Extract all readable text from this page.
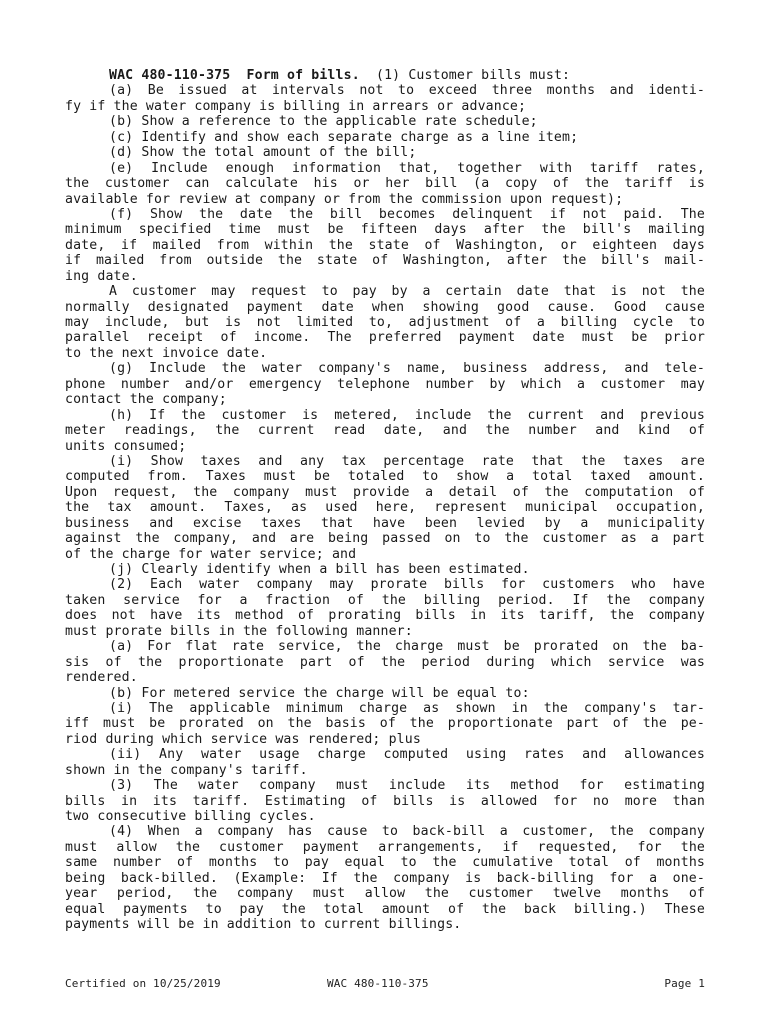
WAC 480-110-375 Form of bills. (1) Customer bills must:
(a) Be issued at intervals not to exceed three months and identi-
fy if the water company is billing in arrears or advance;
(b) Show a reference to the applicable rate schedule;
(c) Identify and show each separate charge as a line item;
(d) Show the total amount of the bill;
(e) Include enough information that, together with tariff rates,
the customer can calculate his or her bill (a copy of the tariff is
available for review at company or from the commission upon request);
(f) Show the date the bill becomes delinquent if not paid. The
minimum specified time must be fifteen days after the bill's mailing
date, if mailed from within the state of Washington, or eighteen days
if mailed from outside the state of Washington, after the bill's mail-
ing date.
A customer may request to pay by a certain date that is not the
normally designated payment date when showing good cause. Good cause
may include, but is not limited to, adjustment of a billing cycle to
parallel receipt of income. The preferred payment date must be prior
to the next invoice date.
(g) Include the water company's name, business address, and tele-
phone number and/or emergency telephone number by which a customer may
contact the company;
(h) If the customer is metered, include the current and previous
meter readings, the current read date, and the number and kind of
units consumed;
(i) Show taxes and any tax percentage rate that the taxes are
computed from. Taxes must be totaled to show a total taxed amount.
Upon request, the company must provide a detail of the computation of
the tax amount. Taxes, as used here, represent municipal occupation,
business and excise taxes that have been levied by a municipality
against the company, and are being passed on to the customer as a part
of the charge for water service; and
(j) Clearly identify when a bill has been estimated.
(2) Each water company may prorate bills for customers who have
taken service for a fraction of the billing period. If the company
does not have its method of prorating bills in its tariff, the company
must prorate bills in the following manner:
(a) For flat rate service, the charge must be prorated on the ba-
sis of the proportionate part of the period during which service was
rendered.
(b) For metered service the charge will be equal to:
(i) The applicable minimum charge as shown in the company's tar-
iff must be prorated on the basis of the proportionate part of the pe-
riod during which service was rendered; plus
(ii) Any water usage charge computed using rates and allowances
shown in the company's tariff.
(3) The water company must include its method for estimating
bills in its tariff. Estimating of bills is allowed for no more than
two consecutive billing cycles.
(4) When a company has cause to back-bill a customer, the company
must allow the customer payment arrangements, if requested, for the
same number of months to pay equal to the cumulative total of months
being back-billed. (Example: If the company is back-billing for a one-
year period, the company must allow the customer twelve months of
equal payments to pay the total amount of the back billing.) These
payments will be in addition to current billings.
Certified on 10/25/2019	WAC 480-110-375	Page 1
